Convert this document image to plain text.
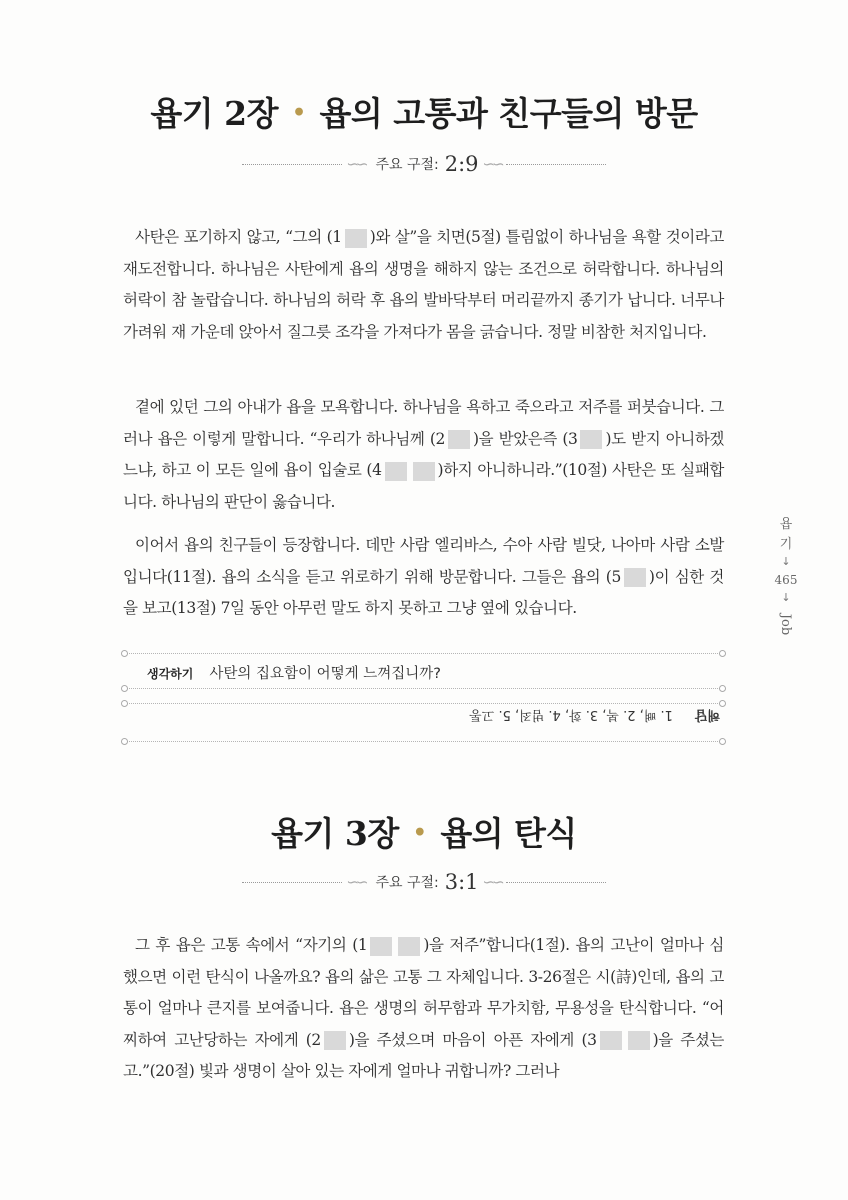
욥기 2장 • 욥의 고통과 친구들의 방문
∽∽ 주요 구절: 2:9 ∽∽
사탄은 포기하지 않고, “그의 (1 )와 살”을 치면(5절) 틀림없이 하나님을 욕할 것이라고 재도전합니다. 하나님은 사탄에게 욥의 생명을 해하지 않는 조건으로 허락합니다. 하나님의 허락이 참 놀랍습니다. 하나님의 허락 후 욥의 발바닥부터 머리끝까지 종기가 납니다. 너무나 가려워 재 가운데 앉아서 질그릇 조각을 가져다가 몸을 긁습니다. 정말 비참한 처지입니다.
곁에 있던 그의 아내가 욥을 모욕합니다. 하나님을 욕하고 죽으라고 저주를 퍼붓습니다. 그러나 욥은 이렇게 말합니다. “우리가 하나님께 (2 )을 받았은즉 (3 )도 받지 아니하겠느냐, 하고 이 모든 일에 욥이 입술로 (4	)하지 아니하니라.”(10절) 사탄은 또 실패합니다. 하나님의 판단이 옳습니다.
이어서 욥의 친구들이 등장합니다. 데만 사람 엘리바스, 수아 사람 빌닷, 나아마 사람 소발입니다(11절). 욥의 소식을 듣고 위로하기 위해 방문합니다. 그들은 욥의 (5 )이 심한 것을 보고(13절) 7일 동안 아무런 말도 하지 못하고 그냥 옆에 있습니다.
생각하기 사탄의 집요함이 어떻게 느껴집니까?
해답1. 뼈, 2. 복, 3. 화, 4. 범죄, 5. 고통
욥
기
↓
465
↓
Job
욥기 3장 • 욥의 탄식
∽∽ 주요 구절: 3:1 ∽∽
그 후 욥은 고통 속에서 “자기의 (1	)을 저주”합니다(1절). 욥의 고난이 얼마나 심했으면 이런 탄식이 나올까요? 욥의 삶은 고통 그 자체입니다. 3-26절은 시(詩)인데, 욥의 고통이 얼마나 큰지를 보여줍니다. 욥은 생명의 허무함과 무가치함, 무용성을 탄식합니다. “어찌하여 고난당하는 자에게 (2 )을 주셨으며 마음이 아픈 자에게 (3	)을 주셨는고.”(20절) 빛과 생명이 살아 있는 자에게 얼마나 귀합니까? 그러나
